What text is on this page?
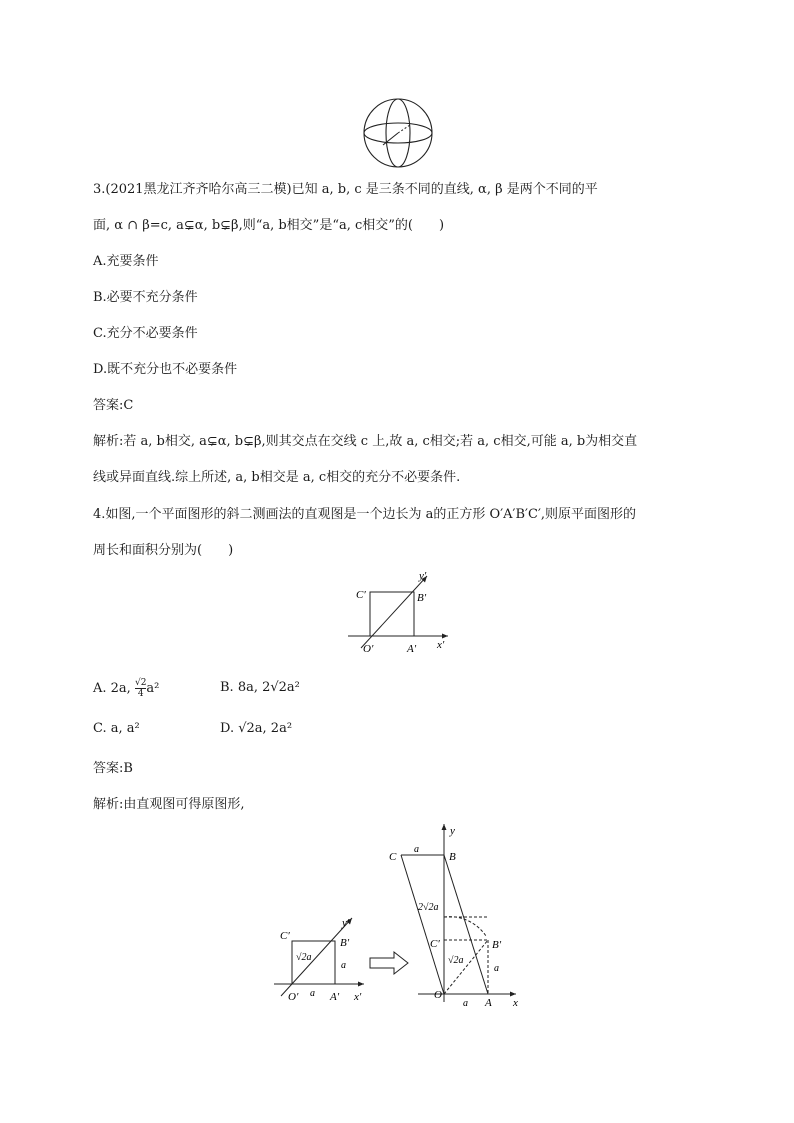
3.(2021黑龙江齐齐哈尔高三二模)已知 a, b, c 是三条不同的直线, α, β 是两个不同的平
面, α ∩ β=c, a⊊α, b⊊β,则“a, b相交”是“a, c相交”的(　　)
A.充要条件
B.必要不充分条件
C.充分不必要条件
D.既不充分也不必要条件
答案:C
解析:若 a, b相交, a⊊α, b⊊β,则其交点在交线 c 上,故 a, c相交;若 a, c相交,可能 a, b为相交直
线或异面直线.综上所述, a, b相交是 a, c相交的充分不必要条件.
4.如图,一个平面图形的斜二测画法的直观图是一个边长为 a的正方形 O′A′B′C′,则原平面图形的
周长和面积分别为(　　)
y′
C′	B′
O′	A′ x′
A. 2a, $\frac{√2}{4} a^2$	B. 8a, 2√2a²
C. a, a²	D. √2a, 2a²
答案:B
解析:由直观图可得原图形,
C′
B′
y′
√2a
a
O′ a A′ x′
y
C
a
B
2√2a
C′	B′
√2a
a
O
a A x
